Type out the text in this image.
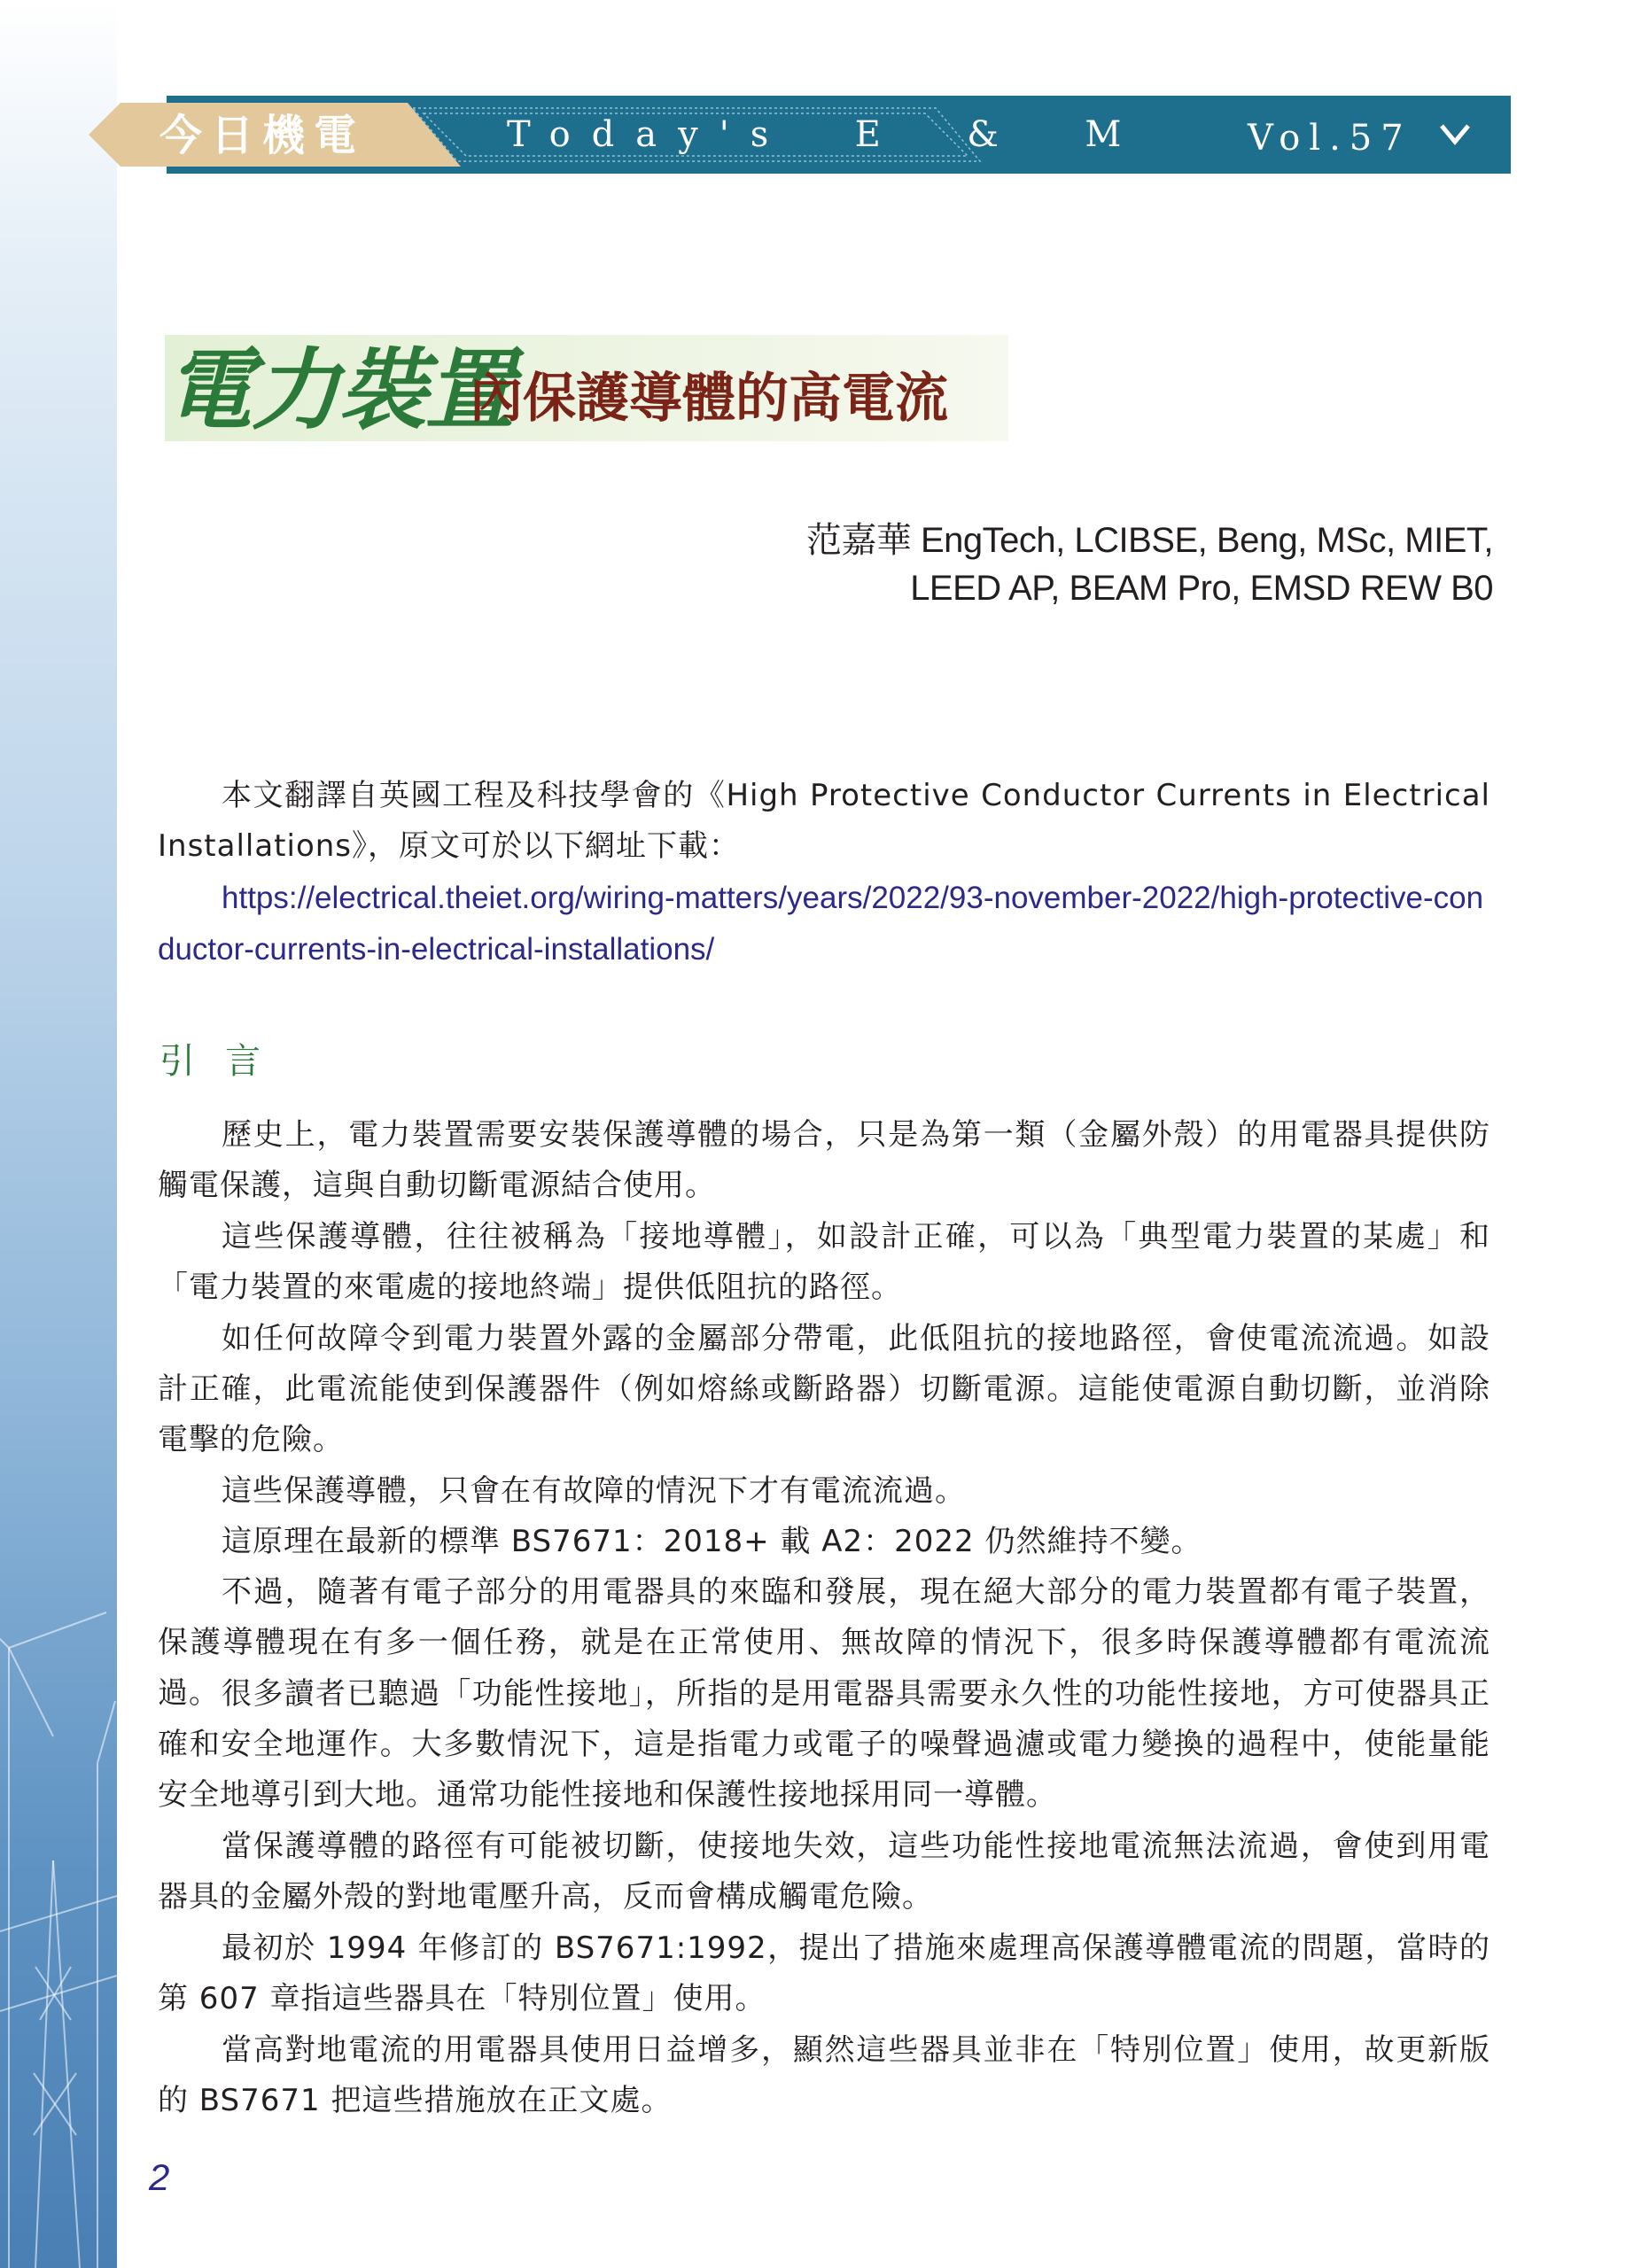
今日機電	Today's  E  &  M	Vol.57
電力裝置
內保護導體的高電流
范嘉華 EngTech, LCIBSE, Beng, MSc, MIET,
LEED AP, BEAM Pro, EMSD REW B0
本文翻譯自英國工程及科技學會的《High Protective Conductor Currents in Electrical Installations》，原文可於以下網址下載：
https://electrical.theiet.org/wiring-matters/years/2022/93-november-2022/high-protective-conductor-currents-in-electrical-installations/
引言
歷史上，電力裝置需要安裝保護導體的場合，只是為第一類（金屬外殼）的用電器具提供防觸電保護，這與自動切斷電源結合使用。
這些保護導體，往往被稱為「接地導體」，如設計正確，可以為「典型電力裝置的某處」和「電力裝置的來電處的接地終端」提供低阻抗的路徑。
如任何故障令到電力裝置外露的金屬部分帶電，此低阻抗的接地路徑，會使電流流過。如設計正確，此電流能使到保護器件（例如熔絲或斷路器）切斷電源。這能使電源自動切斷，並消除電擊的危險。
這些保護導體，只會在有故障的情況下才有電流流過。
這原理在最新的標準 BS7671：2018+ 載 A2：2022 仍然維持不變。
不過，隨著有電子部分的用電器具的來臨和發展，現在絕大部分的電力裝置都有電子裝置，保護導體現在有多一個任務，就是在正常使用、無故障的情況下，很多時保護導體都有電流流過。 很多讀者已聽過「功能性接地」，所指的是用電器具需要永久性的功能性接地，方可使器具正確和安全地運作。大多數情況下，這是指電力或電子的噪聲過濾或電力變換的過程中，使能量能安全地導引到大地。通常功能性接地和保護性接地採用同一導體。
當保護導體的路徑有可能被切斷，使接地失效，這些功能性接地電流無法流過，會使到用電器具的金屬外殼的對地電壓升高，反而會構成觸電危險。
最初於 1994 年修訂的 BS7671:1992，提出了措施來處理高保護導體電流的問題，當時的第 607 章指這些器具在「特別位置」使用。
當高對地電流的用電器具使用日益增多，顯然這些器具並非在「特別位置」使用，故更新版的 BS7671 把這些措施放在正文處。
2
